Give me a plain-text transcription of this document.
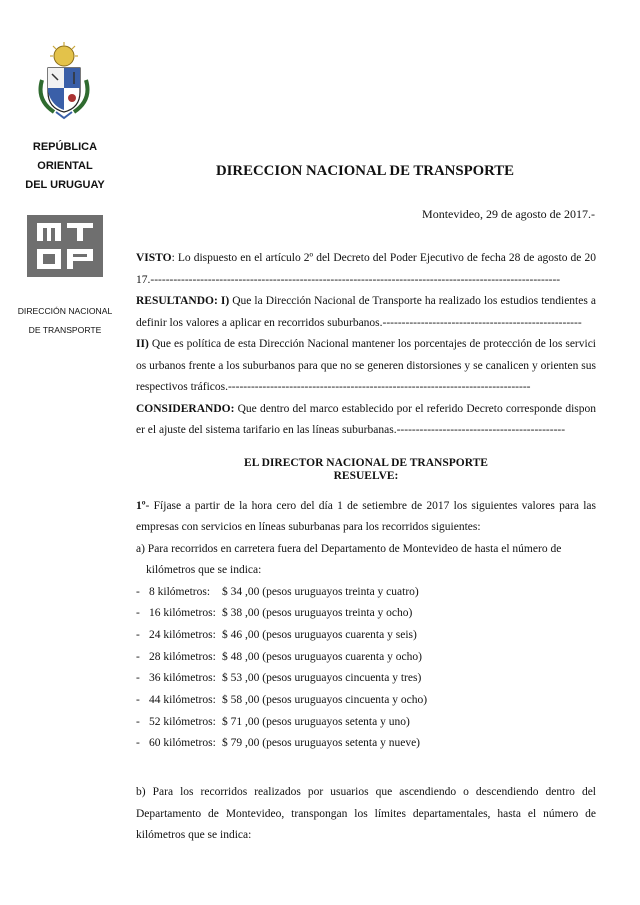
REPÚBLICA
ORIENTAL
DEL URUGUAY
DIRECCIÓN NACIONAL
DE TRANSPORTE
DIRECCION NACIONAL DE TRANSPORTE
Montevideo, 29 de agosto de 2017.-

VISTO: Lo dispuesto en el artículo 2º del Decreto del Poder Ejecutivo de fecha 28 de agosto de 2017.-----------------------------------------------------------------------------------------------------------

RESULTANDO: I) Que la Dirección Nacional de Transporte ha realizado los estudios tendientes a definir los valores a aplicar en recorridos suburbanos.----------------------------------------------------

II) Que es política de esta Dirección Nacional mantener los porcentajes de protección de los servicios urbanos frente a los suburbanos para que no se generen distorsiones y se canalicen y orienten sus respectivos tráficos.-------------------------------------------------------------------------------

CONSIDERANDO: Que dentro del marco establecido por el referido Decreto corresponde disponer el ajuste del sistema tarifario en las líneas suburbanas.--------------------------------------------

EL DIRECTOR NACIONAL DE TRANSPORTE
RESUELVE:

1º- Fíjase a partir de la hora cero del día 1 de setiembre de 2017 los siguientes valores para las empresas con servicios en líneas suburbanas para los recorridos siguientes:

a) Para recorridos en carretera fuera del Departamento de Montevideo de hasta el número de

kilómetros que se indica:

- 8 kilómetros:	$ 34 ,00 (pesos uruguayos treinta y cuatro)
- 16 kilómetros: $ 38 ,00 (pesos uruguayos treinta y ocho)
- 24 kilómetros: $ 46 ,00 (pesos uruguayos cuarenta y seis)
- 28 kilómetros: $ 48 ,00 (pesos uruguayos cuarenta y ocho)
- 36 kilómetros: $ 53 ,00 (pesos uruguayos cincuenta y tres)
- 44 kilómetros: $ 58 ,00 (pesos uruguayos cincuenta y ocho)
- 52 kilómetros: $ 71 ,00 (pesos uruguayos setenta y uno)
- 60 kilómetros: $ 79 ,00 (pesos uruguayos setenta y nueve)

b) Para los recorridos realizados por usuarios que ascendiendo o descendiendo dentro del Departamento de Montevideo, transpongan los límites departamentales, hasta el número de kilómetros que se indica:
